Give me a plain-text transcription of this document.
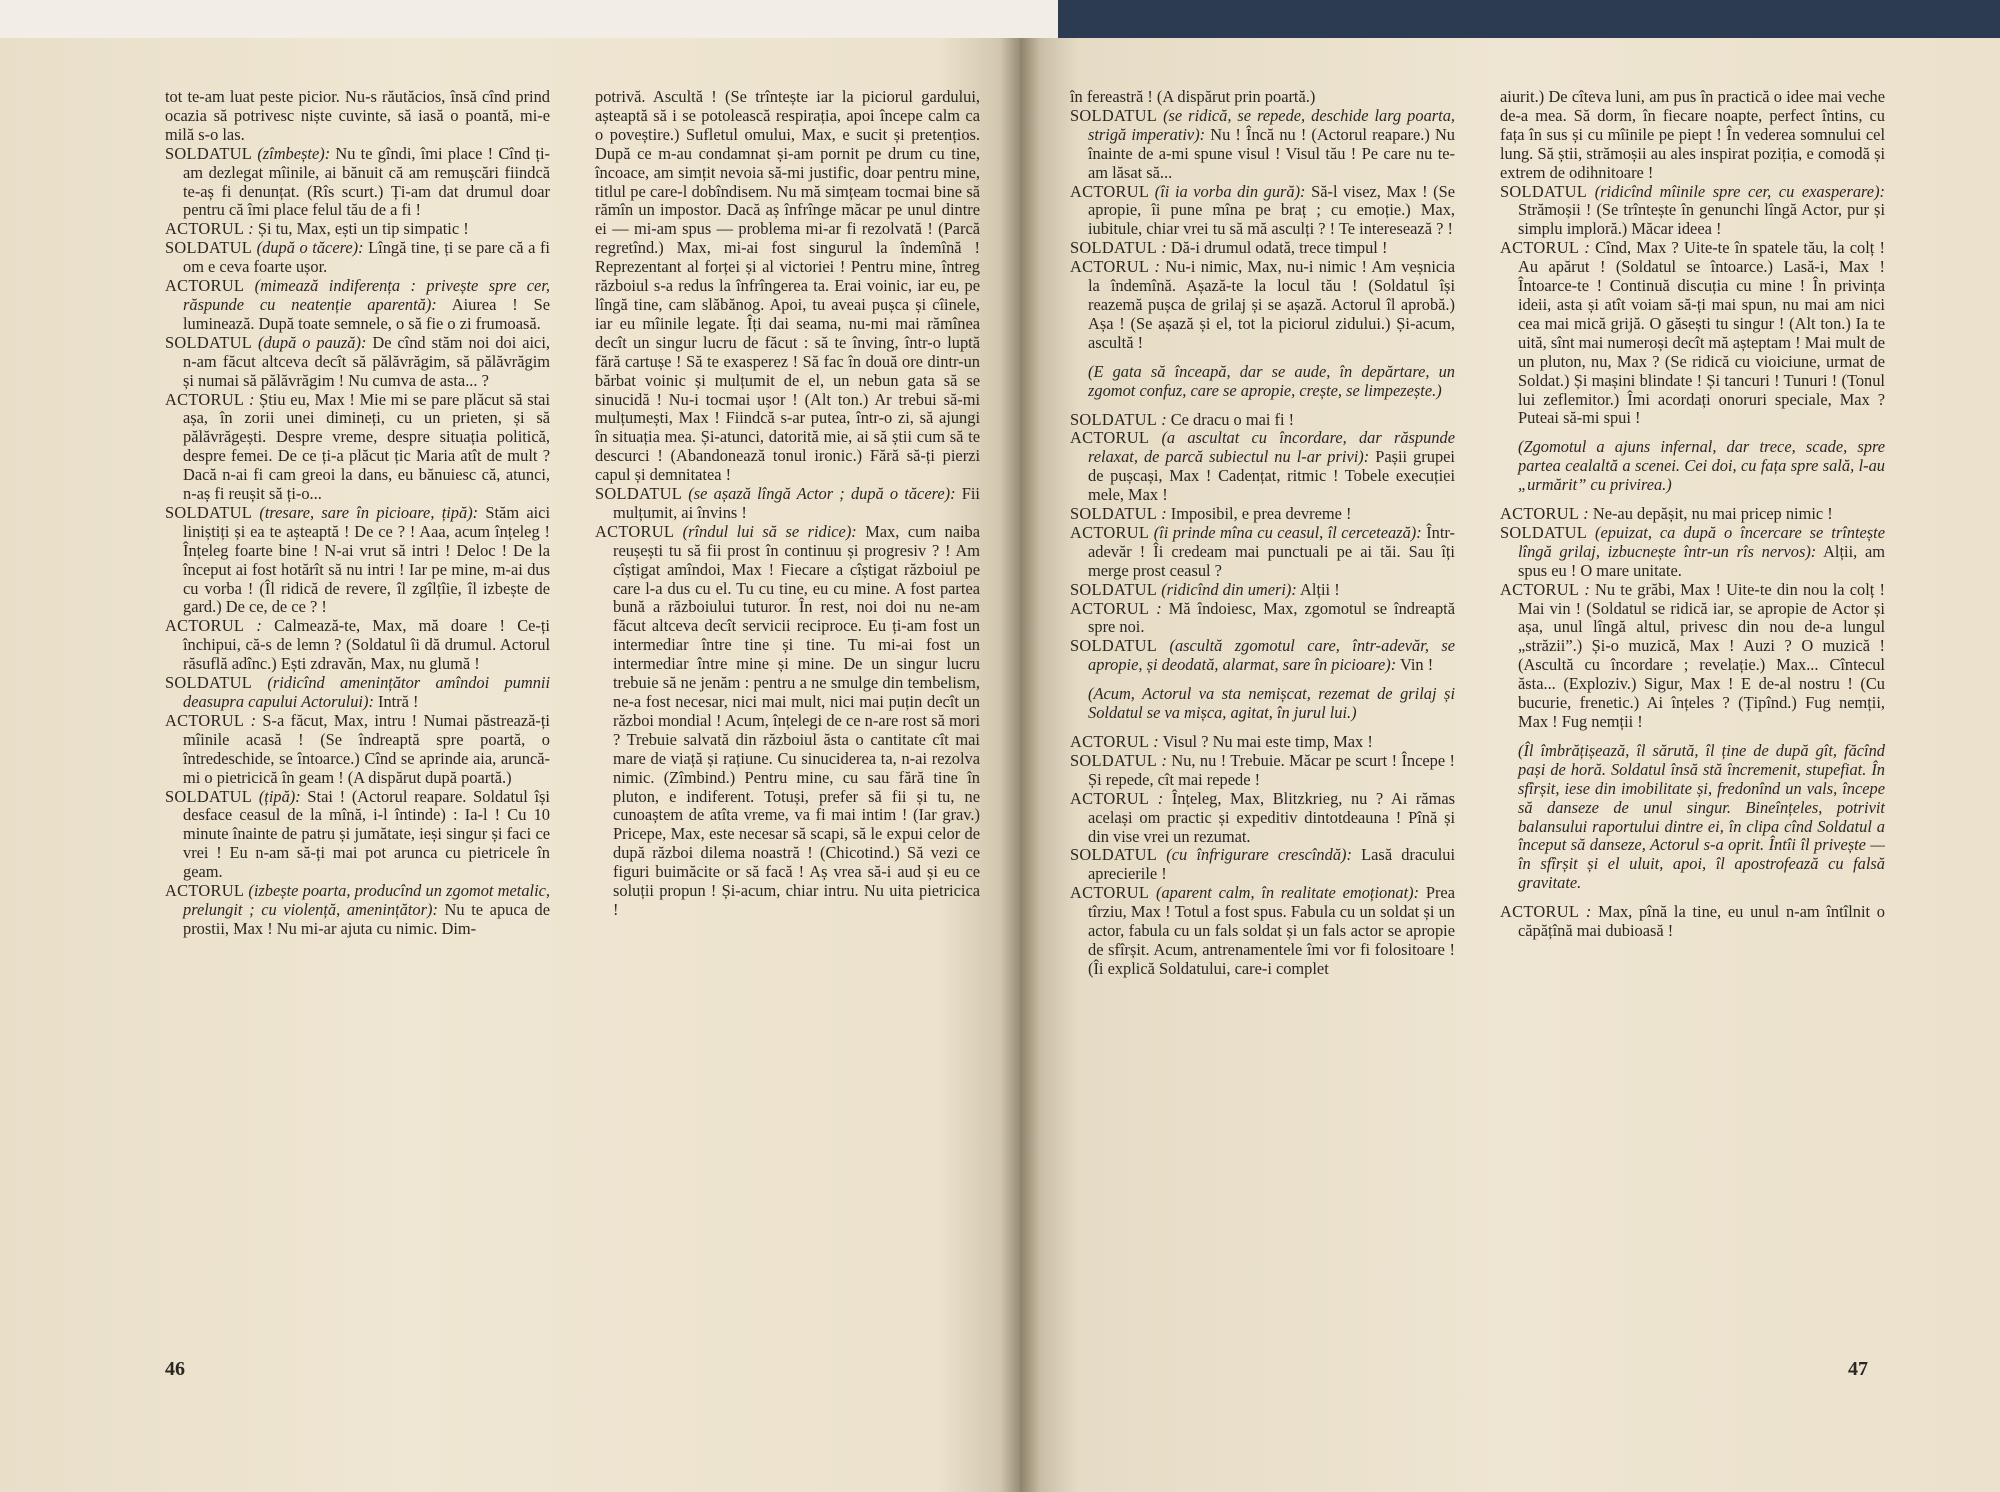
tot te-am luat peste picior. Nu-s răutăcios, însă cînd prind ocazia să potrivesc niște cuvinte, să iasă o poantă, mi-e milă s-o las.

SOLDATUL (zîmbește): Nu te gîndi, îmi place ! Cînd ți-am dezlegat mîinile, ai bănuit că am remușcări fiindcă te-aș fi denunțat. (Rîs scurt.) Ți-am dat drumul doar pentru că îmi place felul tău de a fi !

ACTORUL : Și tu, Max, ești un tip simpatic !

SOLDATUL (după o tăcere): Lîngă tine, ți se pare că a fi om e ceva foarte ușor.

ACTORUL (mimează indiferența : privește spre cer, răspunde cu neatenție aparentă): Aiurea ! Se luminează. După toate semnele, o să fie o zi frumoasă.

SOLDATUL (după o pauză): De cînd stăm noi doi aici, n-am făcut altceva decît să pălăvrăgim, să pălăvrăgim și numai să pălăvrăgim ! Nu cumva de asta... ?

ACTORUL : Știu eu, Max ! Mie mi se pare plăcut să stai așa, în zorii unei dimineți, cu un prieten, și să pălăvrăgești. Despre vreme, despre situația politică, despre femei. De ce ți-a plăcut țic Maria atît de mult ? Dacă n-ai fi cam greoi la dans, eu bănuiesc că, atunci, n-aș fi reușit să ți-o...

SOLDATUL (tresare, sare în picioare, țipă): Stăm aici liniștiți și ea te așteaptă ! De ce ? ! Aaa, acum înțeleg ! Înțeleg foarte bine ! N-ai vrut să intri ! Deloc ! De la început ai fost hotărît să nu intri ! Iar pe mine, m-ai dus cu vorba ! (Îl ridică de revere, îl zgîlțîie, îl izbește de gard.) De ce, de ce ? !

ACTORUL : Calmează-te, Max, mă doare ! Ce-ți închipui, că-s de lemn ? (Soldatul îi dă drumul. Actorul răsuflă adînc.) Ești zdravăn, Max, nu glumă !

SOLDATUL (ridicînd amenințător amîndoi pumnii deasupra capului Actorului): Intră !

ACTORUL : S-a făcut, Max, intru ! Numai păstrează-ți mîinile acasă ! (Se îndreaptă spre poartă, o întredeschide, se întoarce.) Cînd se aprinde aia, aruncă-mi o pietricică în geam ! (A dispărut după poartă.)

SOLDATUL (țipă): Stai ! (Actorul reapare. Soldatul își desface ceasul de la mînă, i-l întinde) : Ia-l ! Cu 10 minute înainte de patru și jumătate, ieși singur și faci ce vrei ! Eu n-am să-ți mai pot arunca cu pietricele în geam.

ACTORUL (izbește poarta, producînd un zgomot metalic, prelungit ; cu violență, amenințător): Nu te apuca de prostii, Max ! Nu mi-ar ajuta cu nimic. Dim-

potrivă. Ascultă ! (Se trîntește iar la piciorul gardului, așteaptă să i se potolească respirația, apoi începe calm ca o poveștire.) Sufletul omului, Max, e sucit și pretențios. După ce m-au condamnat și-am pornit pe drum cu tine, încoace, am simțit nevoia să-mi justific, doar pentru mine, titlul pe care-l dobîndisem. Nu mă simțeam tocmai bine să rămîn un impostor. Dacă aș înfrînge măcar pe unul dintre ei — mi-am spus — problema mi-ar fi rezolvată ! (Parcă regretînd.) Max, mi-ai fost singurul la îndemînă ! Reprezentant al forței și al victoriei ! Pentru mine, întreg războiul s-a redus la înfrîngerea ta. Erai voinic, iar eu, pe lîngă tine, cam slăbănog. Apoi, tu aveai pușca și cîinele, iar eu mîinile legate. Îți dai seama, nu-mi mai rămînea decît un singur lucru de făcut : să te înving, într-o luptă fără cartușe ! Să te exasperez ! Să fac în două ore dintr-un bărbat voinic și mulțumit de el, un nebun gata să se sinucidă ! Nu-i tocmai ușor ! (Alt ton.) Ar trebui să-mi mulțumești, Max ! Fiindcă s-ar putea, într-o zi, să ajungi în situația mea. Și-atunci, datorită mie, ai să știi cum să te descurci ! (Abandonează tonul ironic.) Fără să-ți pierzi capul și demnitatea !

SOLDATUL (se așază lîngă Actor ; după o tăcere): Fii mulțumit, ai învins !

ACTORUL (rîndul lui să se ridice): Max, cum naiba reușești tu să fii prost în continuu și progresiv ? ! Am cîștigat amîndoi, Max ! Fiecare a cîștigat războiul pe care l-a dus cu el. Tu cu tine, eu cu mine. A fost partea bună a războiului tuturor. În rest, noi doi nu ne-am făcut altceva decît servicii reciproce. Eu ți-am fost un intermediar între tine și tine. Tu mi-ai fost un intermediar între mine și mine. De un singur lucru trebuie să ne jenăm : pentru a ne smulge din tembelism, ne-a fost necesar, nici mai mult, nici mai puțin decît un război mondial ! Acum, înțelegi de ce n-are rost să mori ? Trebuie salvată din războiul ăsta o cantitate cît mai mare de viață și rațiune. Cu sinuciderea ta, n-ai rezolva nimic. (Zîmbind.) Pentru mine, cu sau fără tine în pluton, e indiferent. Totuși, prefer să fii și tu, ne cunoaștem de atîta vreme, va fi mai intim ! (Iar grav.) Pricepe, Max, este necesar să scapi, să le expui celor de după război dilema noastră ! (Chicotind.) Să vezi ce figuri buimăcite or să facă ! Aș vrea să-i aud și eu ce soluții propun ! Și-acum, chiar intru. Nu uita pietricica !

46

în fereastră ! (A dispărut prin poartă.)

SOLDATUL (se ridică, se repede, deschide larg poarta, strigă imperativ): Nu ! Încă nu ! (Actorul reapare.) Nu înainte de a-mi spune visul ! Visul tău ! Pe care nu te-am lăsat să...

ACTORUL (îi ia vorba din gură): Să-l visez, Max ! (Se apropie, îi pune mîna pe braț ; cu emoție.) Max, iubitule, chiar vrei tu să mă asculți ? ! Te interesează ? !

SOLDATUL : Dă-i drumul odată, trece timpul !

ACTORUL : Nu-i nimic, Max, nu-i nimic ! Am veșnicia la îndemînă. Așază-te la locul tău ! (Soldatul își reazemă pușca de grilaj și se așază. Actorul îl aprobă.) Așa ! (Se așază și el, tot la piciorul zidului.) Și-acum, ascultă !

(E gata să înceapă, dar se aude, în depărtare, un zgomot confuz, care se apropie, crește, se limpezește.)

SOLDATUL : Ce dracu o mai fi !

ACTORUL (a ascultat cu încordare, dar răspunde relaxat, de parcă subiectul nu l-ar privi): Pașii grupei de pușcași, Max ! Cadențat, ritmic ! Tobele execuției mele, Max !

SOLDATUL : Imposibil, e prea devreme !

ACTORUL (îi prinde mîna cu ceasul, îl cercetează): Într-adevăr ! Îi credeam mai punctuali pe ai tăi. Sau îți merge prost ceasul ?

SOLDATUL (ridicînd din umeri): Alții !

ACTORUL : Mă îndoiesc, Max, zgomotul se îndreaptă spre noi.

SOLDATUL (ascultă zgomotul care, într-adevăr, se apropie, și deodată, alarmat, sare în picioare): Vin !

(Acum, Actorul va sta nemișcat, rezemat de grilaj și Soldatul se va mișca, agitat, în jurul lui.)

ACTORUL : Visul ? Nu mai este timp, Max !

SOLDATUL : Nu, nu ! Trebuie. Măcar pe scurt ! Începe ! Și repede, cît mai repede !

ACTORUL : Înțeleg, Max, Blitzkrieg, nu ? Ai rămas același om practic și expeditiv dintotdeauna ! Pînă și din vise vrei un rezumat.

SOLDATUL (cu înfrigurare crescîndă): Lasă dracului aprecierile !

ACTORUL (aparent calm, în realitate emoționat): Prea tîrziu, Max ! Totul a fost spus. Fabula cu un soldat și un actor, fabula cu un fals soldat și un fals actor se apropie de sfîrșit. Acum, antrenamentele îmi vor fi folositoare ! (Îi explică Soldatului, care-i complet

aiurit.) De cîteva luni, am pus în practică o idee mai veche de-a mea. Să dorm, în fiecare noapte, perfect întins, cu fața în sus și cu mîinile pe piept ! În vederea somnului cel lung. Să știi, strămoșii au ales inspirat poziția, e comodă și extrem de odihnitoare !

SOLDATUL (ridicînd mîinile spre cer, cu exasperare): Strămoșii ! (Se trîntește în genunchi lîngă Actor, pur și simplu imploră.) Măcar ideea !

ACTORUL : Cînd, Max ? Uite-te în spatele tău, la colț ! Au apărut ! (Soldatul se întoarce.) Lasă-i, Max ! Întoarce-te ! Continuă discuția cu mine ! În privința ideii, asta și atît voiam să-ți mai spun, nu mai am nici cea mai mică grijă. O găsești tu singur ! (Alt ton.) Ia te uită, sînt mai numeroși decît mă așteptam ! Mai mult de un pluton, nu, Max ? (Se ridică cu vioiciune, urmat de Soldat.) Și mașini blindate ! Și tancuri ! Tunuri ! (Tonul lui zeflemitor.) Îmi acordați onoruri speciale, Max ? Puteai să-mi spui !

(Zgomotul a ajuns infernal, dar trece, scade, spre partea cealaltă a scenei. Cei doi, cu fața spre sală, l-au „urmărit” cu privirea.)

ACTORUL : Ne-au depășit, nu mai pricep nimic !

SOLDATUL (epuizat, ca după o încercare se trîntește lîngă grilaj, izbucnește într-un rîs nervos): Alții, am spus eu ! O mare unitate.

ACTORUL : Nu te grăbi, Max ! Uite-te din nou la colț ! Mai vin ! (Soldatul se ridică iar, se apropie de Actor și așa, unul lîngă altul, privesc din nou de-a lungul „străzii”.) Și-o muzică, Max ! Auzi ? O muzică ! (Ascultă cu încordare ; revelație.) Max... Cîntecul ăsta... (Exploziv.) Sigur, Max ! E de-al nostru ! (Cu bucurie, frenetic.) Ai înțeles ? (Țipînd.) Fug nemții, Max ! Fug nemții !

(Îl îmbrățișează, îl sărută, îl ține de după gît, făcînd pași de horă. Soldatul însă stă încremenit, stupefiat. În sfîrșit, iese din imobilitate și, fredonînd un vals, începe să danseze de unul singur. Bineînțeles, potrivit balansului raportului dintre ei, în clipa cînd Soldatul a început să danseze, Actorul s-a oprit. Întîi îl privește — în sfîrșit și el uluit, apoi, îl apostrofează cu falsă gravitate.

ACTORUL : Max, pînă la tine, eu unul n-am întîlnit o căpățînă mai dubioasă !

47
